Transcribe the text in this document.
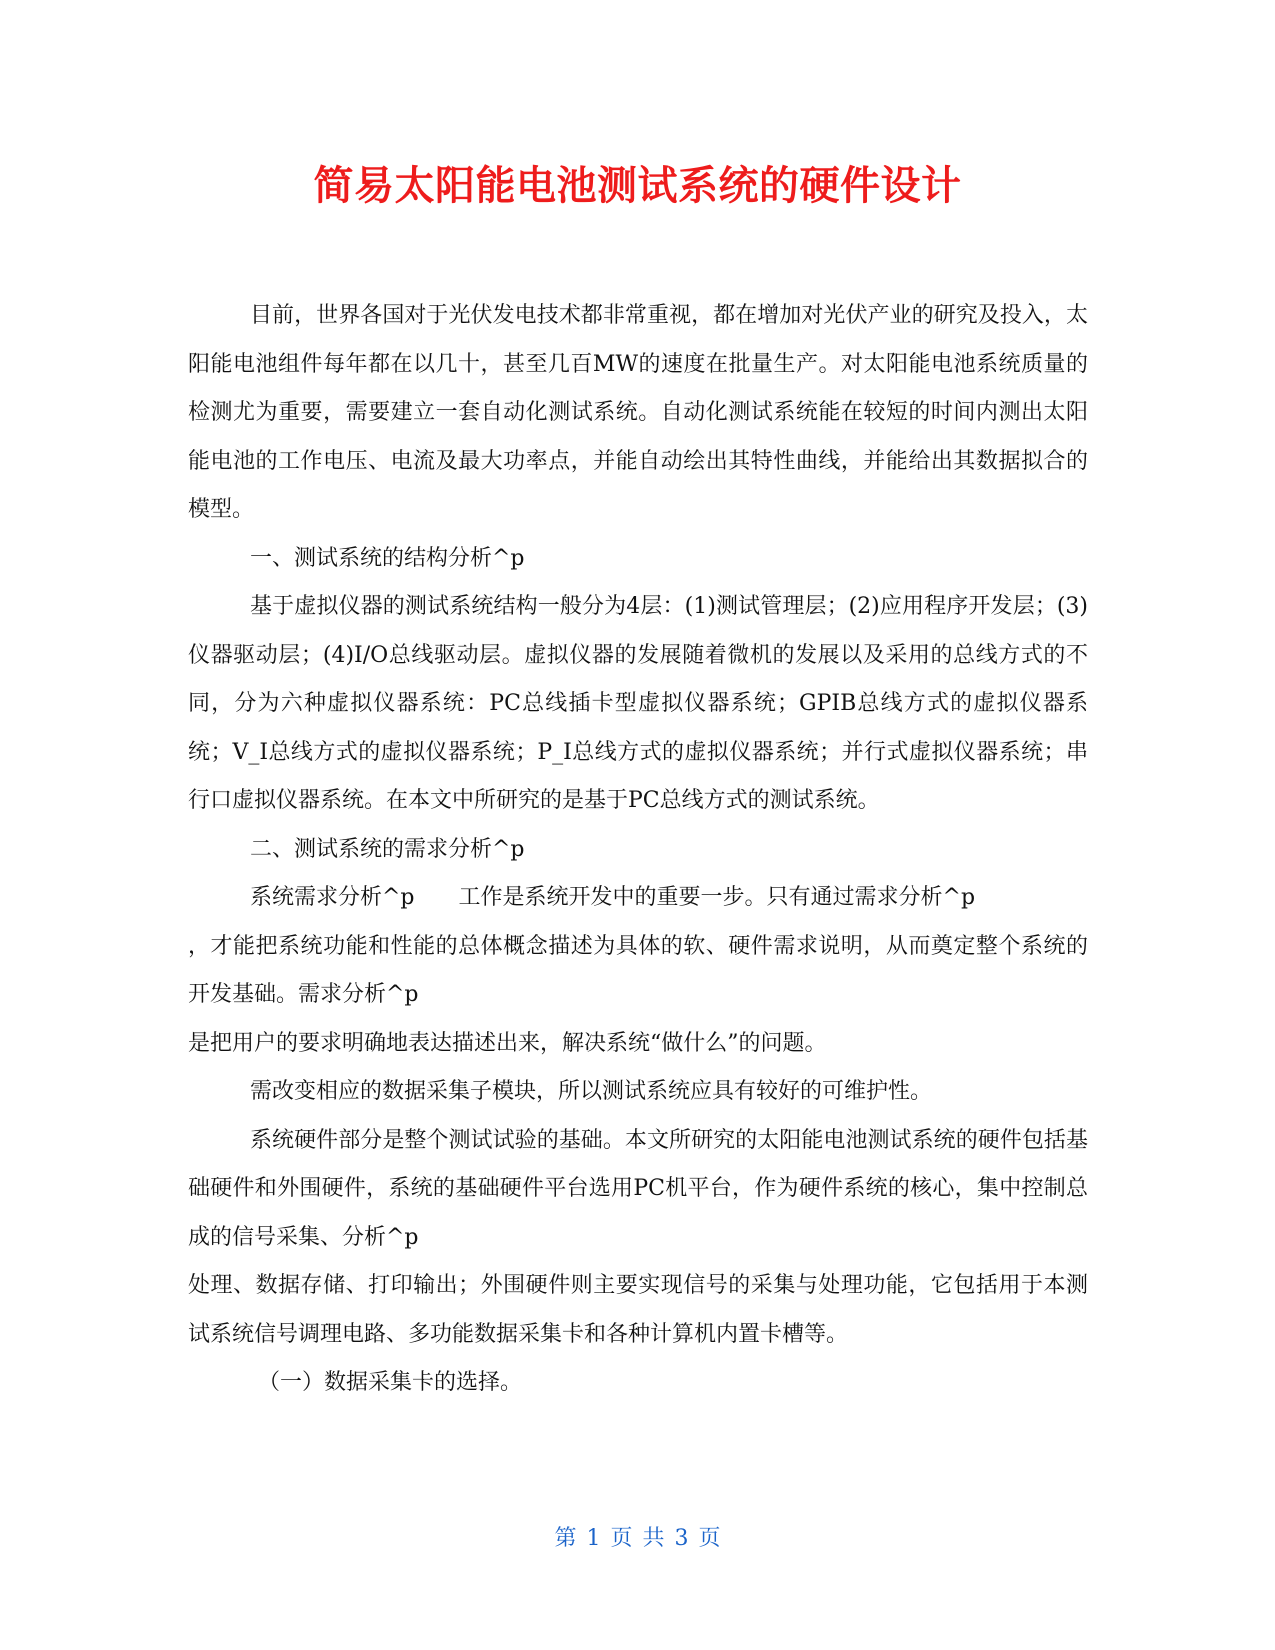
简易太阳能电池测试系统的硬件设计

目前，世界各国对于光伏发电技术都非常重视，都在增加对光伏产业的研究及投入，太阳能电池组件每年都在以几十，甚至几百MW的速度在批量生产。对太阳能电池系统质量的检测尤为重要，需要建立一套自动化测试系统。自动化测试系统能在较短的时间内测出太阳能电池的工作电压、电流及最大功率点，并能自动绘出其特性曲线，并能给出其数据拟合的模型。

一、测试系统的结构分析^p

基于虚拟仪器的测试系统结构一般分为4层：(1)测试管理层；(2)应用程序开发层；(3)仪器驱动层；(4)I/O总线驱动层。虚拟仪器的发展随着微机的发展以及采用的总线方式的不同，分为六种虚拟仪器系统：PC总线插卡型虚拟仪器系统；GPIB总线方式的虚拟仪器系统；V_I总线方式的虚拟仪器系统；P_I总线方式的虚拟仪器系统；并行式虚拟仪器系统；串行口虚拟仪器系统。在本文中所研究的是基于PC总线方式的测试系统。

二、测试系统的需求分析^p

系统需求分析^p　　工作是系统开发中的重要一步。只有通过需求分析^p

，才能把系统功能和性能的总体概念描述为具体的软、硬件需求说明，从而奠定整个系统的开发基础。需求分析^p

是把用户的要求明确地表达描述出来，解决系统“做什么”的问题。

需改变相应的数据采集子模块，所以测试系统应具有较好的可维护性。

系统硬件部分是整个测试试验的基础。本文所研究的太阳能电池测试系统的硬件包括基础硬件和外围硬件，系统的基础硬件平台选用PC机平台，作为硬件系统的核心，集中控制总成的信号采集、分析^p

处理、数据存储、打印输出；外围硬件则主要实现信号的采集与处理功能，它包括用于本测试系统信号调理电路、多功能数据采集卡和各种计算机内置卡槽等。

（一）数据采集卡的选择。

第 1 页 共 3 页
